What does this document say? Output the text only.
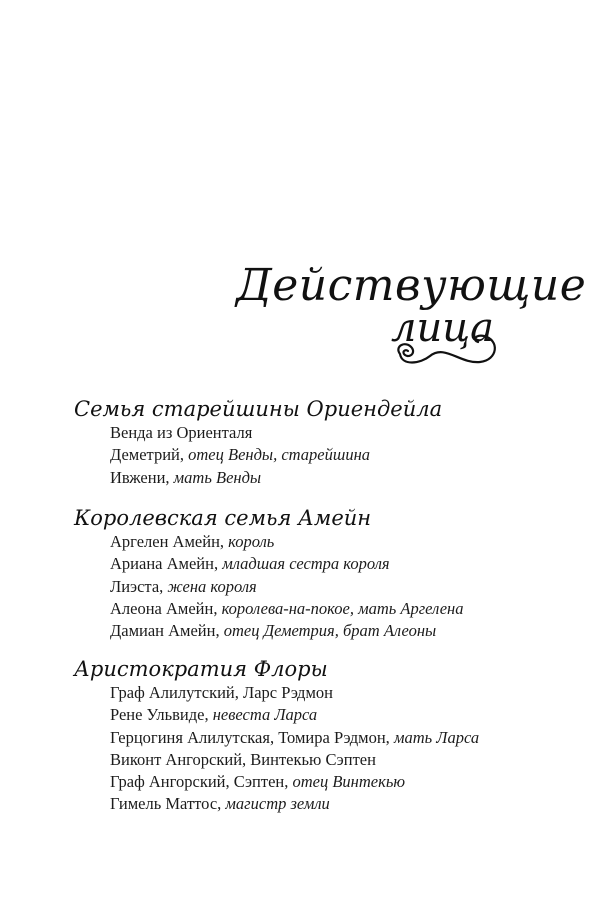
Действующие
лица
Семья старейшины Ориендейла
Венда из Ориенталя
Деметрий, отец Венды, старейшина
Ивжени, мать Венды
Королевская семья Амейн
Аргелен Амейн, король
Ариана Амейн, младшая сестра короля
Лиэста, жена короля
Алеона Амейн, королева-на-покое, мать Аргелена
Дамиан Амейн, отец Деметрия, брат Алеоны
Аристократия Флоры
Граф Алилутский, Ларс Рэдмон
Рене Ульвиде, невеста Ларса
Герцогиня Алилутская, Томира Рэдмон, мать Ларса
Виконт Ангорский, Винтекью Сэптен
Граф Ангорский, Сэптен, отец Винтекью
Гимель Маттос, магистр земли
